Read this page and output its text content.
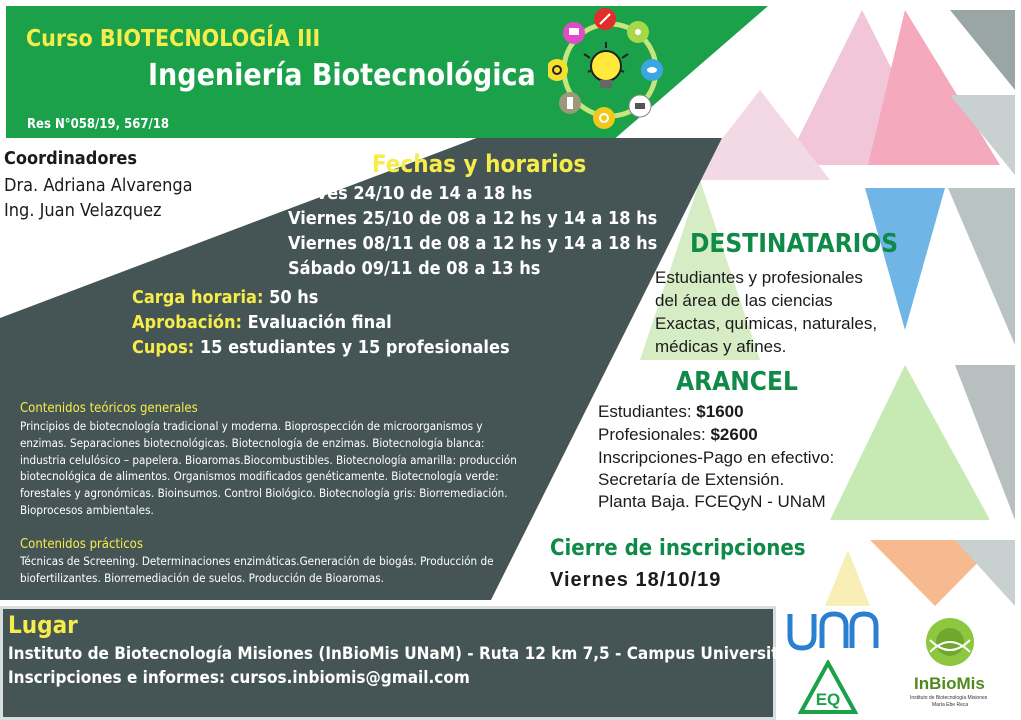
Curso BIOTECNOLOGÍA III
Ingeniería Biotecnológica
Res N°058/19, 567/18
Coordinadores
Dra. Adriana Alvarenga
Ing. Juan Velazquez
Fechas y horarios
Jueves 24/10 de 14 a 18 hs
Viernes 25/10 de 08 a 12 hs y 14 a 18 hs
Viernes 08/11 de 08 a 12 hs y 14 a 18 hs
Sábado 09/11 de 08 a 13 hs
Carga horaria: 50 hs
Aprobación: Evaluación final
Cupos: 15 estudiantes y 15 profesionales
Contenidos teóricos generales
Principios de biotecnología tradicional y moderna. Bioprospección de microorganismos y enzimas. Separaciones biotecnológicas. Biotecnología de enzimas. Biotecnología blanca: industria celulósico – papelera. Bioaromas.Biocombustibles. Biotecnología amarilla: producción biotecnológica de alimentos. Organismos modificados genéticamente. Biotecnología verde: forestales y agronómicas. Bioinsumos. Control Biológico. Biotecnología gris: Biorremediación. Bioprocesos ambientales.
Contenidos prácticos
Técnicas de Screening. Determinaciones enzimáticas.Generación de biogás. Producción de biofertilizantes. Biorremediación de suelos. Producción de Bioaromas.
DESTINATARIOS
Estudiantes y profesionales
del área de las ciencias
Exactas, químicas, naturales,
médicas y afines.
ARANCEL
Estudiantes: $1600
Profesionales: $2600
Inscripciones-Pago en efectivo:
Secretaría de Extensión.
Planta Baja. FCEQyN - UNaM
Cierre de inscripciones
Viernes 18/10/19
Lugar
Instituto de Biotecnología Misiones (InBioMis UNaM) - Ruta 12 km 7,5 - Campus Universitario
Inscripciones e informes: cursos.inbiomis@gmail.com
EQ
InBioMis
Instituto de Biotecnología Misiones
María Ebe Reca
